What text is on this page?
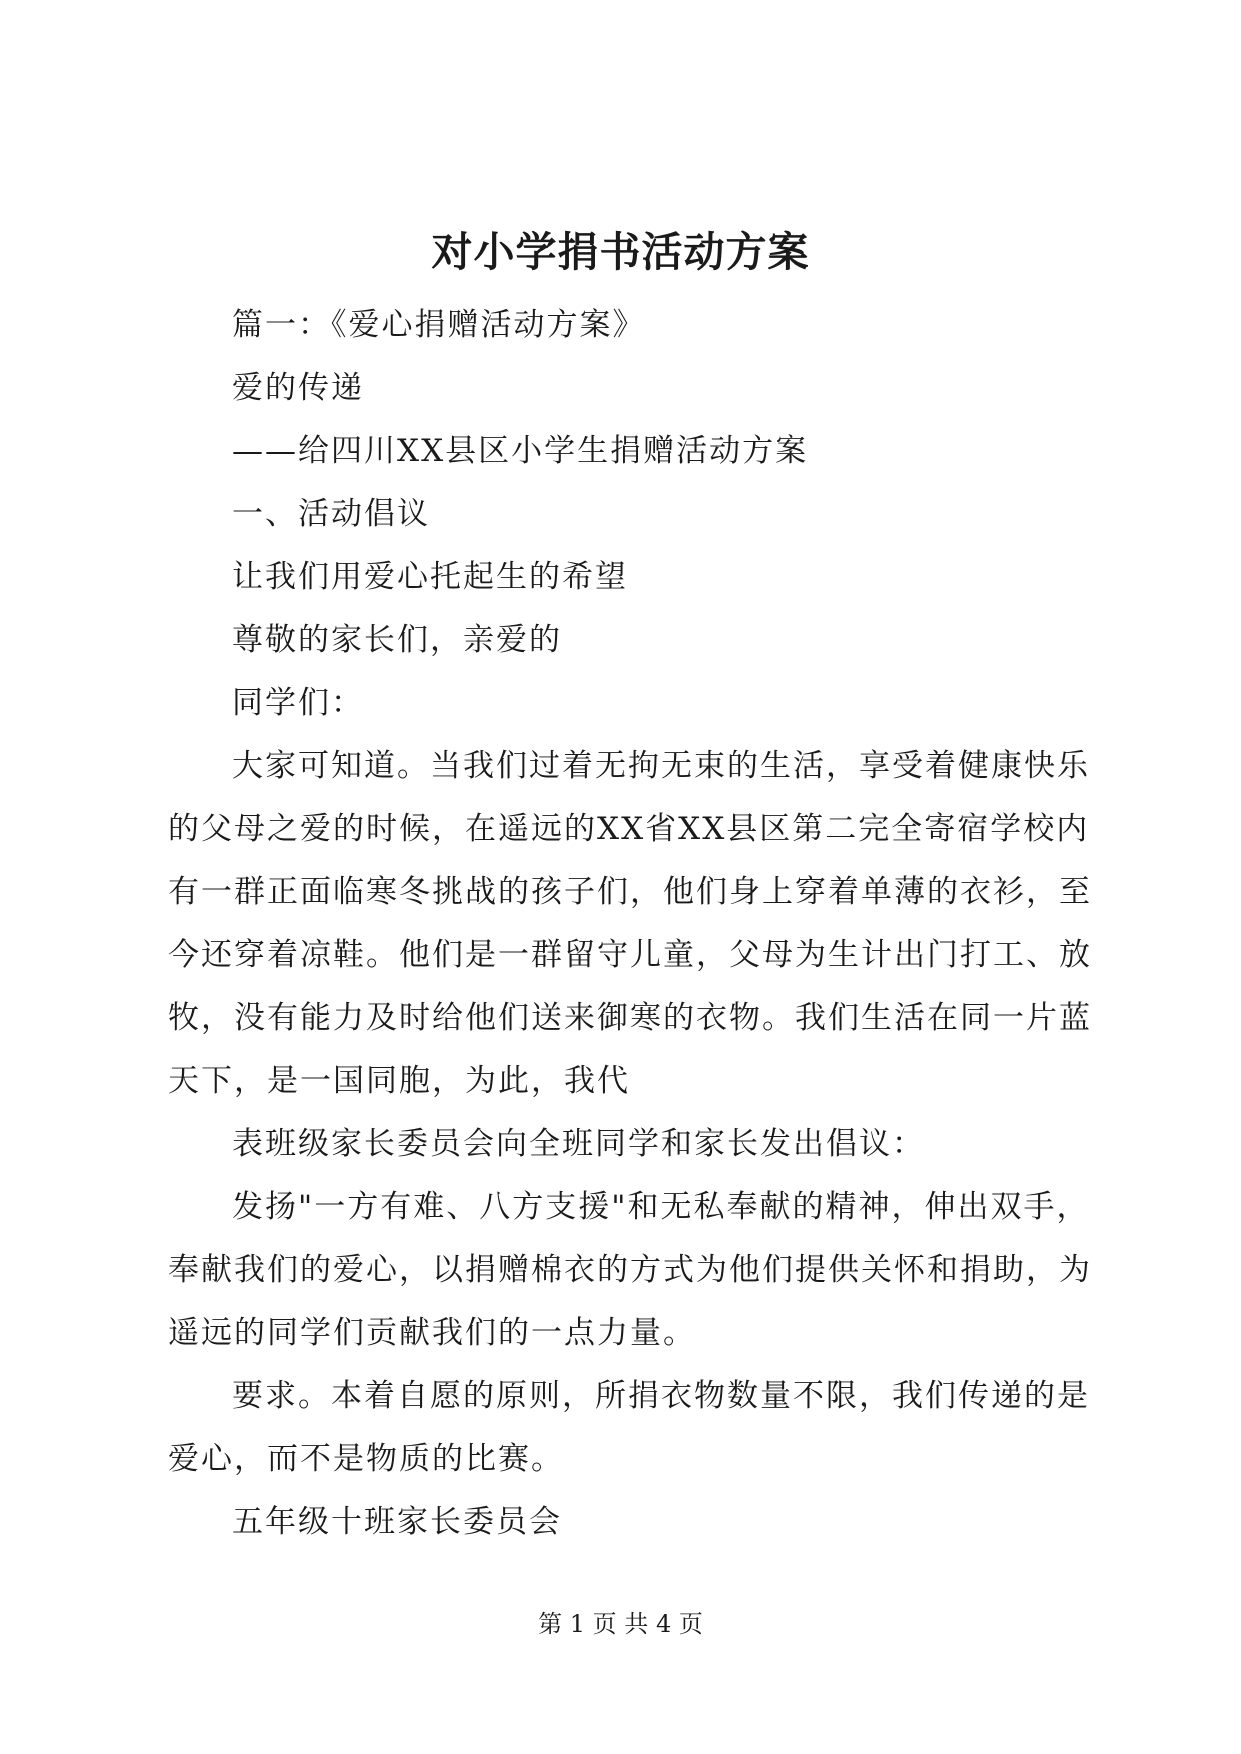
对小学捐书活动方案
篇一：《爱心捐赠活动方案》
爱的传递
——给四川XX县区小学生捐赠活动方案
一、活动倡议
让我们用爱心托起生的希望
尊敬的家长们，亲爱的
同学们：
大家可知道。当我们过着无拘无束的生活，享受着健康快乐
的父母之爱的时候，在遥远的XX省XX县区第二完全寄宿学校内
有一群正面临寒冬挑战的孩子们，他们身上穿着单薄的衣衫，至
今还穿着凉鞋。他们是一群留守儿童，父母为生计出门打工、放
牧，没有能力及时给他们送来御寒的衣物。我们生活在同一片蓝
天下，是一国同胞，为此，我代
表班级家长委员会向全班同学和家长发出倡议：
发扬"一方有难、八方支援"和无私奉献的精神，伸出双手，
奉献我们的爱心，以捐赠棉衣的方式为他们提供关怀和捐助，为
遥远的同学们贡献我们的一点力量。
要求。本着自愿的原则，所捐衣物数量不限，我们传递的是
爱心，而不是物质的比赛。
五年级十班家长委员会
第 1 页 共 4 页
